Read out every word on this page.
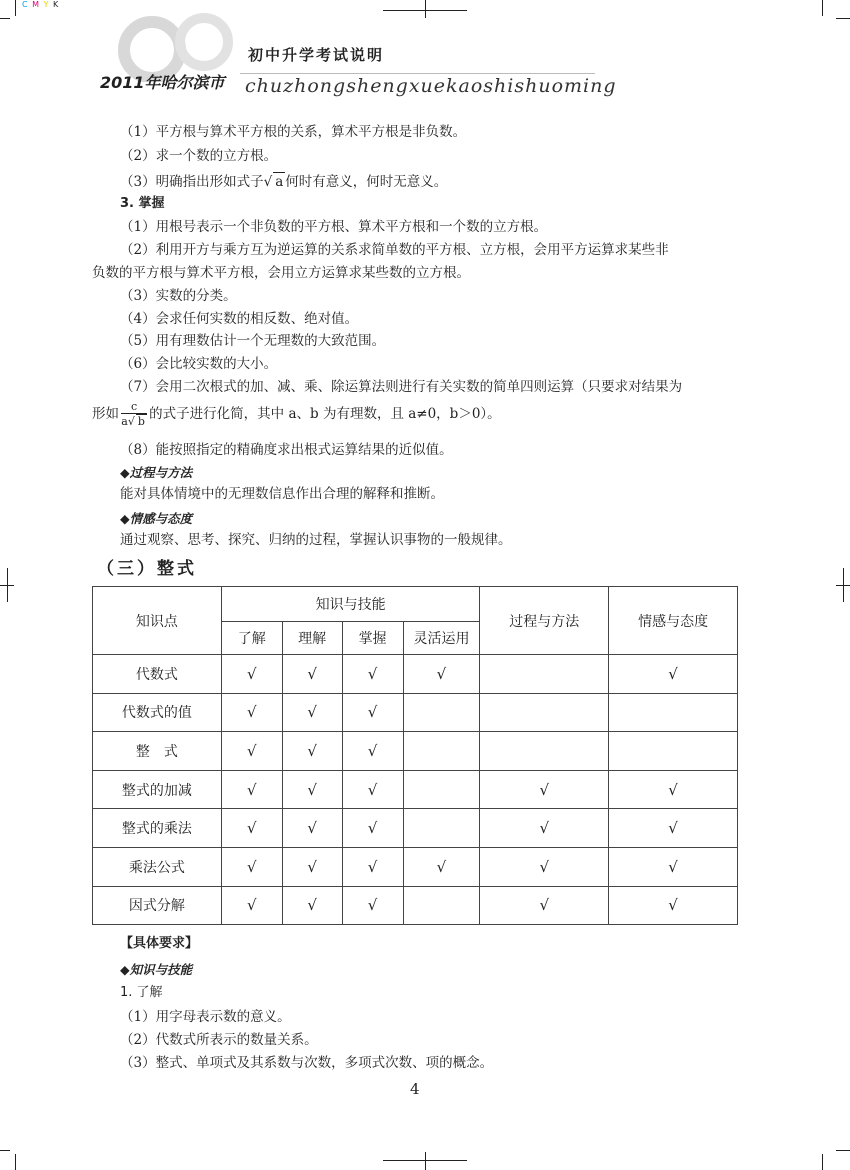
C M Y K
初中升学考试说明
2011年哈尔滨市 chuzhongshengxuekaoshishuoming
（1）平方根与算术平方根的关系，算术平方根是非负数。
（2）求一个数的立方根。
（3）明确指出形如式子√ a 何时有意义，何时无意义。
3. 掌握
（1）用根号表示一个非负数的平方根、算术平方根和一个数的立方根。
（2）利用开方与乘方互为逆运算的关系求简单数的平方根、立方根，会用平方运算求某些非
负数的平方根与算术平方根，会用立方运算求某些数的立方根。
（3）实数的分类。
（4）会求任何实数的相反数、绝对值。
（5）用有理数估计一个无理数的大致范围。
（6）会比较实数的大小。
（7）会用二次根式的加、减、乘、除运算法则进行有关实数的简单四则运算（只要求对结果为
形如 $\frac{c}{a√ b}$ 的式子进行化简，其中 a、b 为有理数，且 a≠0，b＞0）。
（8）能按照指定的精确度求出根式运算结果的近似值。
◆过程与方法
能对具体情境中的无理数信息作出合理的解释和推断。
◆情感与态度
通过观察、思考、探究、归纳的过程，掌握认识事物的一般规律。
（三）整式
知识点	知识与技能				过程与方法	情感与态度
	了解	理解	掌握	灵活运用		
代数式	√	√	√	√		√
代数式的值	√	√	√			
整　式	√	√	√			
整式的加减	√	√	√		√	√
整式的乘法	√	√	√		√	√
乘法公式	√	√	√	√	√	√
因式分解	√	√	√		√	√
【具体要求】
◆知识与技能
1. 了解
（1）用字母表示数的意义。
（2）代数式所表示的数量关系。
（3）整式、单项式及其系数与次数，多项式次数、项的概念。
4
